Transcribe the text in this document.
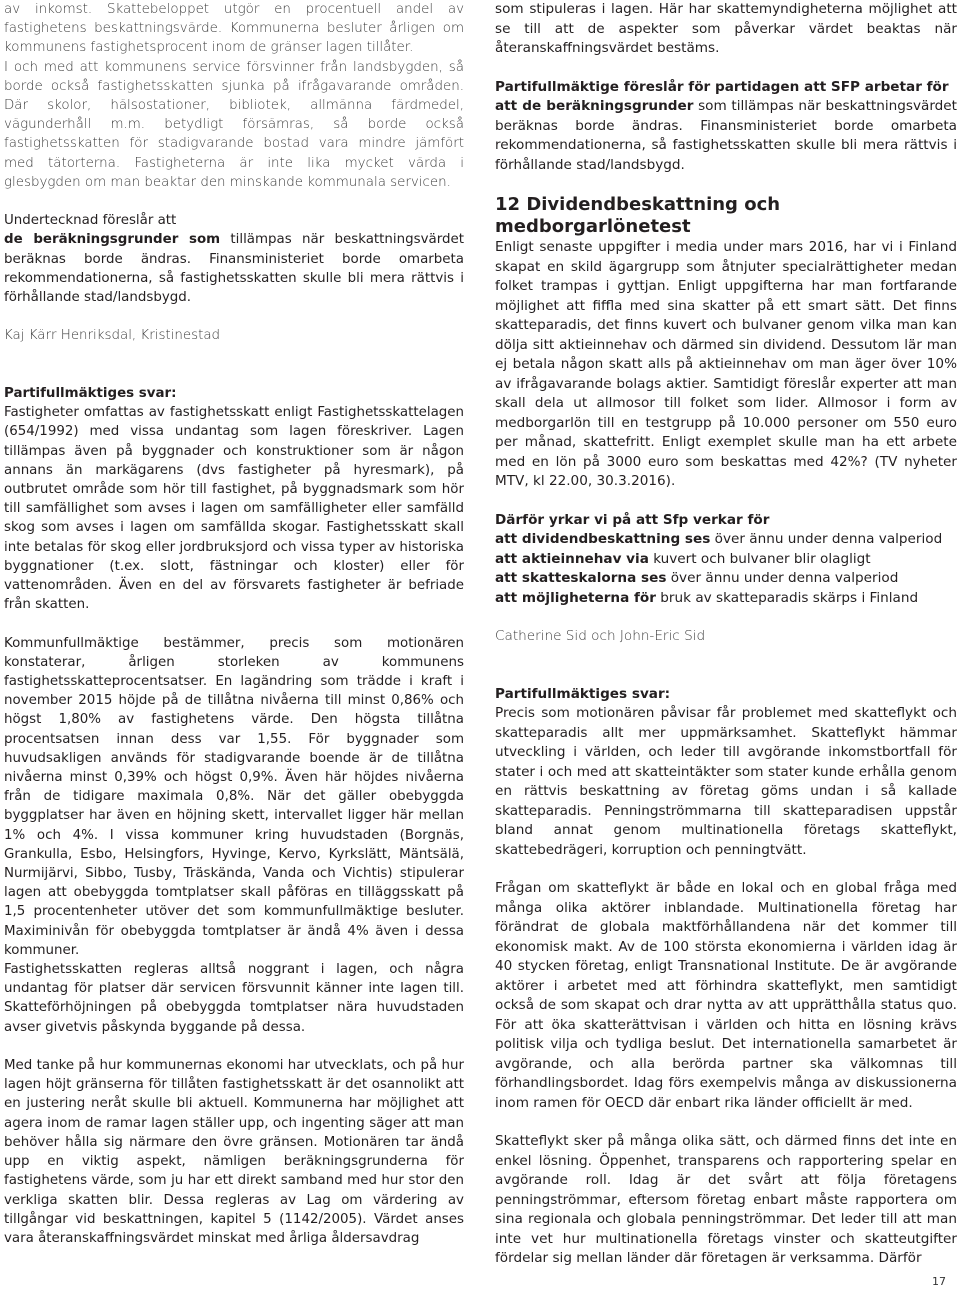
av inkomst. Skattebeloppet utgör en procentuell andel av fastighetens beskattningsvärde. Kommunerna besluter årligen om kommunens fastighetsprocent inom de gränser lagen tillåter.

I och med att kommunens service försvinner från landsbygden, så borde också fastighetsskatten sjunka på ifrågavarande områden. Där skolor, hälsostationer, bibliotek, allmänna färdmedel, vägunderhåll m.m. betydligt försämras, så borde också fastighetsskatten för stadigvarande bostad vara mindre jämfört med tätorterna. Fastigheterna är inte lika mycket värda i glesbygden om man beaktar den minskande kommunala servicen.

Undertecknad föreslår att

de beräkningsgrunder som tillämpas när beskattningsvärdet beräknas borde ändras. Finansministeriet borde omarbeta rekommendationerna, så fastighetsskatten skulle bli mera rättvis i förhållande stad/landsbygd.

Kaj Kärr Henriksdal, Kristinestad

Partifullmäktiges svar:

Fastigheter omfattas av fastighetsskatt enligt Fastighetsskattelagen (654/1992) med vissa undantag som lagen föreskriver. Lagen tillämpas även på byggnader och konstruktioner som är någon annans än markägarens (dvs fastigheter på hyresmark), på outbrutet område som hör till fastighet, på byggnadsmark som hör till samfällighet som avses i lagen om samfälligheter eller samfälld skog som avses i lagen om samfällda skogar. Fastighetsskatt skall inte betalas för skog eller jordbruksjord och vissa typer av historiska byggnationer (t.ex. slott, fästningar och kloster) eller för vattenområden. Även en del av försvarets fastigheter är befriade från skatten.

Kommunfullmäktige bestämmer, precis som motionären konstaterar, årligen storleken av kommunens fastighetsskatteprocentsatser. En lagändring som trädde i kraft i november 2015 höjde på de tillåtna nivåerna till minst 0,86% och högst 1,80% av fastighetens värde. Den högsta tillåtna procentsatsen innan dess var 1,55. För byggnader som huvudsakligen används för stadigvarande boende är de tillåtna nivåerna minst 0,39% och högst 0,9%. Även här höjdes nivåerna från de tidigare maximala 0,8%. När det gäller obebyggda byggplatser har även en höjning skett, intervallet ligger här mellan 1% och 4%. I vissa kommuner kring huvudstaden (Borgnäs, Grankulla, Esbo, Helsingfors, Hyvinge, Kervo, Kyrkslätt, Mäntsälä, Nurmijärvi, Sibbo, Tusby, Träskända, Vanda och Vichtis) stipulerar lagen att obebyggda tomtplatser skall påföras en tilläggsskatt på 1,5 procentenheter utöver det som kommunfullmäktige besluter. Maximinivån för obebyggda tomtplatser är ändå 4% även i dessa kommuner.

Fastighetsskatten regleras alltså noggrant i lagen, och några undantag för platser där servicen försvunnit känner inte lagen till. Skatteförhöjningen på obebyggda tomtplatser nära huvudstaden avser givetvis påskynda byggande på dessa.

Med tanke på hur kommunernas ekonomi har utvecklats, och på hur lagen höjt gränserna för tillåten fastighetsskatt är det osannolikt att en justering neråt skulle bli aktuell. Kommunerna har möjlighet att agera inom de ramar lagen ställer upp, och ingenting säger att man behöver hålla sig närmare den övre gränsen. Motionären tar ändå upp en viktig aspekt, nämligen beräkningsgrunderna för fastighetens värde, som ju har ett direkt samband med hur stor den verkliga skatten blir. Dessa regleras av Lag om värdering av tillgångar vid beskattningen, kapitel 5 (1142/2005). Värdet anses vara återanskaffningsvärdet minskat med årliga åldersavdrag

som stipuleras i lagen. Här har skattemyndigheterna möjlighet att se till att de aspekter som påverkar värdet beaktas när återanskaffningsvärdet bestäms.

Partifullmäktige föreslår för partidagen att SFP arbetar för
att de beräkningsgrunder som tillämpas när beskattningsvärdet beräknas borde ändras. Finansministeriet borde omarbeta rekommendationerna, så fastighetsskatten skulle bli mera rättvis i förhållande stad/landsbygd.

12 Dividendbeskattning och medborgarlönetest

Enligt senaste uppgifter i media under mars 2016, har vi i Finland skapat en skild ägargrupp som åtnjuter specialrättigheter medan folket trampas i gyttjan. Enligt uppgifterna har man fortfarande möjlighet att fiffla med sina skatter på ett smart sätt. Det finns skatteparadis, det finns kuvert och bulvaner genom vilka man kan dölja sitt aktieinnehav och därmed sin dividend. Dessutom lär man ej betala någon skatt alls på aktieinnehav om man äger över 10% av ifrågavarande bolags aktier. Samtidigt föreslår experter att man skall dela ut allmosor till folket som lider. Allmosor i form av medborgarlön till en testgrupp på 10.000 personer om 550 euro per månad, skattefritt. Enligt exemplet skulle man ha ett arbete med en lön på 3000 euro som beskattas med 42%? (TV nyheter MTV, kl 22.00, 30.3.2016).

Därför yrkar vi på att Sfp verkar för

att dividendbeskattning ses över ännu under denna valperiod

att aktieinnehav via kuvert och bulvaner blir olagligt

att skatteskalorna ses över ännu under denna valperiod

att möjligheterna för bruk av skatteparadis skärps i Finland

Catherine Sid och John-Eric Sid

Partifullmäktiges svar:

Precis som motionären påvisar får problemet med skatteflykt och skatteparadis allt mer uppmärksamhet. Skatteflykt hämmar utveckling i världen, och leder till avgörande inkomstbortfall för stater i och med att skatteintäkter som stater kunde erhålla genom en rättvis beskattning av företag göms undan i så kallade skatteparadis. Penningströmmarna till skatteparadisen uppstår bland annat genom multinationella företags skatteflykt, skattebedrägeri, korruption och penningtvätt.

Frågan om skatteflykt är både en lokal och en global fråga med många olika aktörer inblandade. Multinationella företag har förändrat de globala maktförhållandena när det kommer till ekonomisk makt. Av de 100 största ekonomierna i världen idag är 40 stycken företag, enligt Transnational Institute. De är avgörande aktörer i arbetet med att förhindra skatteflykt, men samtidigt också de som skapat och drar nytta av att upprätthålla status quo. För att öka skatterättvisan i världen och hitta en lösning krävs politisk vilja och tydliga beslut. Det internationella samarbetet är avgörande, och alla berörda partner ska välkomnas till förhandlingsbordet. Idag förs exempelvis många av diskussionerna inom ramen för OECD där enbart rika länder officiellt är med.

Skatteflykt sker på många olika sätt, och därmed finns det inte en enkel lösning. Öppenhet, transparens och rapportering spelar en avgörande roll. Idag är det svårt att följa företagens penningströmmar, eftersom företag enbart måste rapportera om sina regionala och globala penningströmmar. Det leder till att man inte vet hur multinationella företags vinster och skatteutgifter fördelar sig mellan länder där företagen är verksamma. Därför

17
